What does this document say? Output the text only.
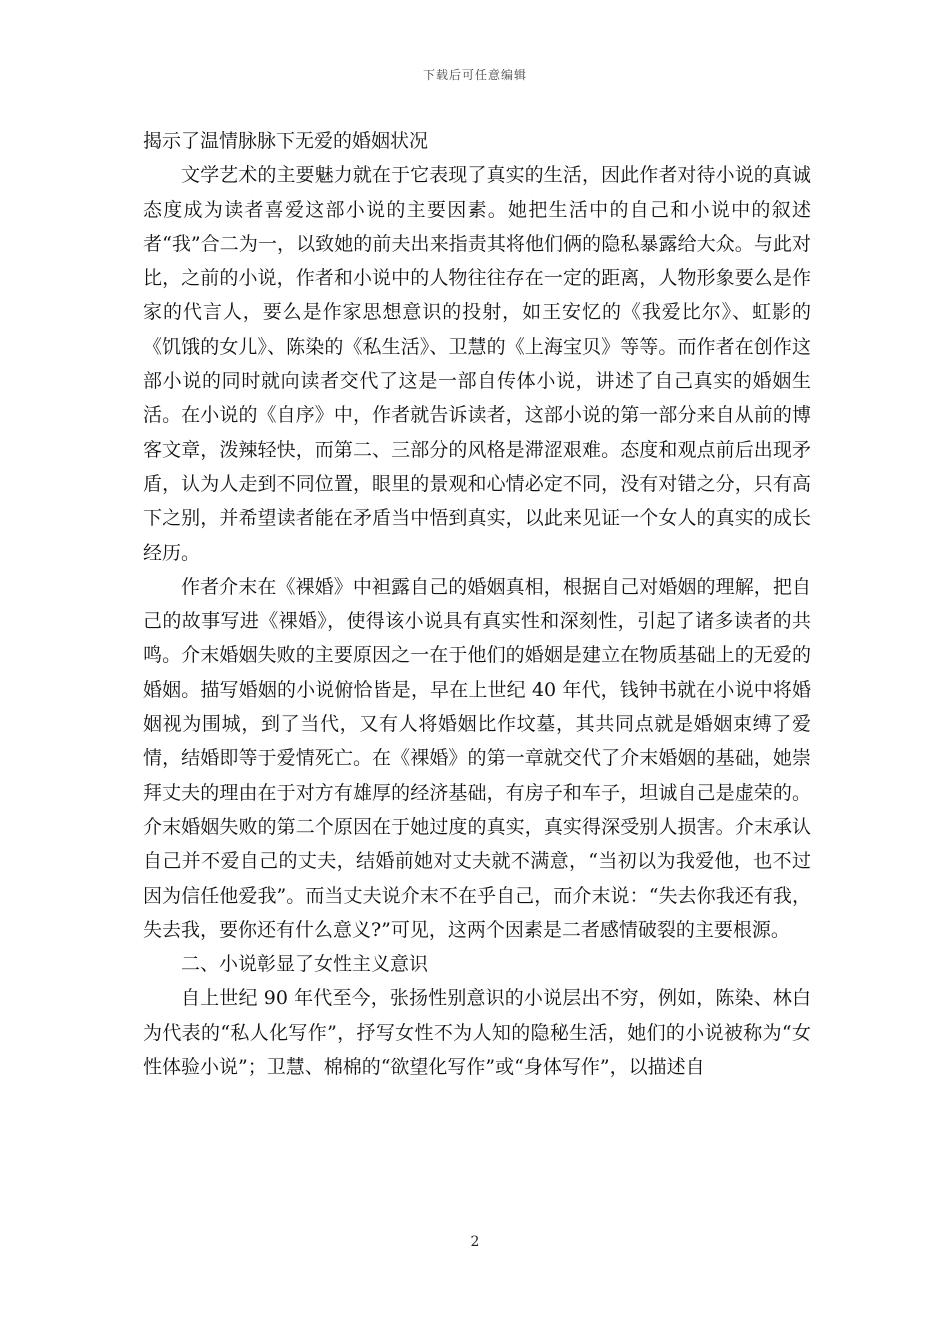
下载后可任意编辑

揭示了温情脉脉下无爱的婚姻状况

文学艺术的主要魅力就在于它表现了真实的生活，因此作者对待小说的真诚态度成为读者喜爱这部小说的主要因素。她把生活中的自己和小说中的叙述者“我”合二为一，以致她的前夫出来指责其将他们俩的隐私暴露给大众。与此对比，之前的小说，作者和小说中的人物往往存在一定的距离，人物形象要么是作家的代言人，要么是作家思想意识的投射，如王安忆的《我爱比尔》、虹影的《饥饿的女儿》、陈染的《私生活》、卫慧的《上海宝贝》等等。而作者在创作这部小说的同时就向读者交代了这是一部自传体小说，讲述了自己真实的婚姻生活。在小说的《自序》中，作者就告诉读者，这部小说的第一部分来自从前的博客文章，泼辣轻快，而第二、三部分的风格是滞涩艰难。态度和观点前后出现矛盾，认为人走到不同位置，眼里的景观和心情必定不同，没有对错之分，只有高下之别，并希望读者能在矛盾当中悟到真实，以此来见证一个女人的真实的成长经历。

作者介末在《裸婚》中袒露自己的婚姻真相，根据自己对婚姻的理解，把自己的故事写进《裸婚》，使得该小说具有真实性和深刻性，引起了诸多读者的共鸣。介末婚姻失败的主要原因之一在于他们的婚姻是建立在物质基础上的无爱的婚姻。描写婚姻的小说俯恰皆是，早在上世纪 40 年代，钱钟书就在小说中将婚姻视为围城，到了当代，又有人将婚姻比作坟墓，其共同点就是婚姻束缚了爱情，结婚即等于爱情死亡。在《裸婚》的第一章就交代了介末婚姻的基础，她崇拜丈夫的理由在于对方有雄厚的经济基础，有房子和车子，坦诚自己是虚荣的。介末婚姻失败的第二个原因在于她过度的真实，真实得深受别人损害。介末承认自己并不爱自己的丈夫，结婚前她对丈夫就不满意，“当初以为我爱他，也不过因为信任他爱我”。而当丈夫说介末不在乎自己，而介末说：“失去你我还有我，失去我，要你还有什么意义?”可见，这两个因素是二者感情破裂的主要根源。

二、小说彰显了女性主义意识

自上世纪 90 年代至今，张扬性别意识的小说层出不穷，例如，陈染、林白为代表的“私人化写作”，抒写女性不为人知的隐秘生活，她们的小说被称为“女性体验小说”；卫慧、棉棉的“欲望化写作”或“身体写作”，以描述自

2
